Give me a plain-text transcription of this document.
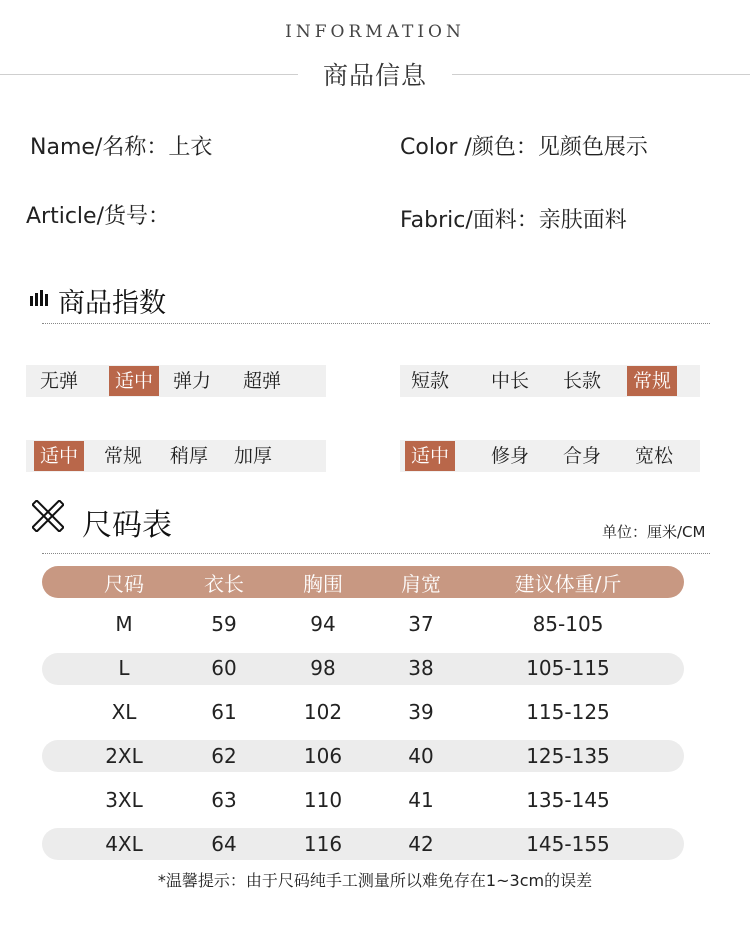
INFORMATION
商品信息
Name/名称：上衣	Color /颜色：见颜色展示
Article/货号：	Fabric/面料：亲肤面料
商品指数
无弹	适中	弹力	超弹	短款	中长	长款	常规
适中	常规	稍厚	加厚	适中	修身	合身	宽松
尺码表	单位：厘米/CM
尺码	衣长	胸围	肩宽	建议体重/斤
M	59	94	37	85-105
L	60	98	38	105-115
XL	61	102	39	115-125
2XL	62	106	40	125-135
3XL	63	110	41	135-145
4XL	64	116	42	145-155
*温馨提示：由于尺码纯手工测量所以难免存在1~3cm的误差
